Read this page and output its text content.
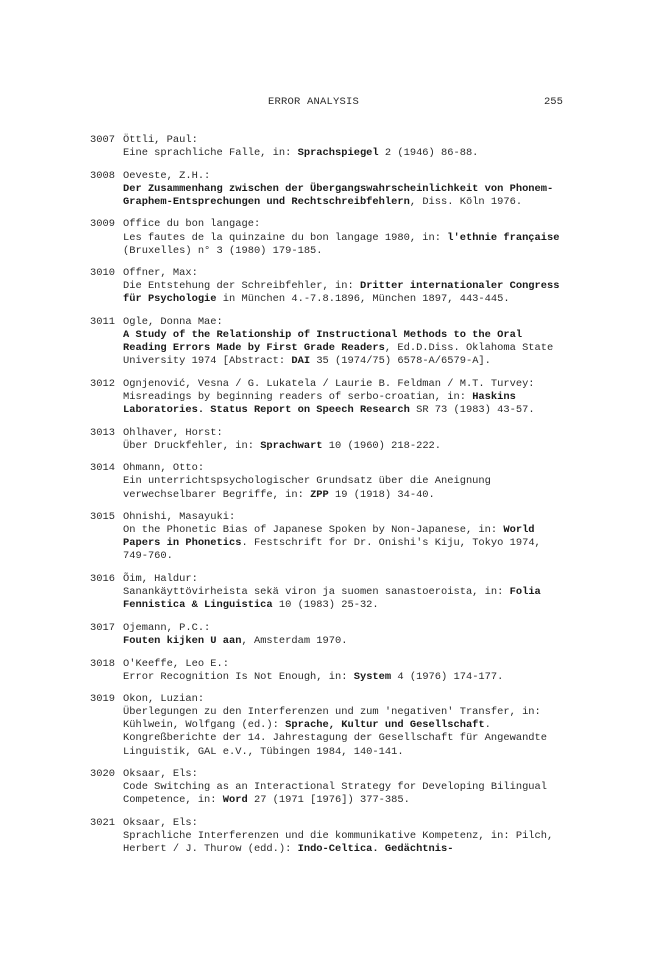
ERROR ANALYSIS	255
3007 Öttli, Paul:
Eine sprachliche Falle, in: Sprachspiegel 2 (1946) 86-88.
3008 Oeveste, Z.H.:
Der Zusammenhang zwischen der Übergangswahrscheinlichkeit von Phonem-Graphem-Entsprechungen und Rechtschreibfehlern, Diss. Köln 1976.
3009 Office du bon langage:
Les fautes de la quinzaine du bon langage 1980, in: l'ethnie française (Bruxelles) n° 3 (1980) 179-185.
3010 Offner, Max:
Die Entstehung der Schreibfehler, in: Dritter internationaler Congress für Psychologie in München 4.-7.8.1896, München 1897, 443-445.
3011 Ogle, Donna Mae:
A Study of the Relationship of Instructional Methods to the Oral Reading Errors Made by First Grade Readers, Ed.D.Diss. Oklahoma State University 1974 [Abstract: DAI 35 (1974/75) 6578-A/6579-A].
3012 Ognjenović, Vesna / G. Lukatela / Laurie B. Feldman / M.T. Turvey:
Misreadings by beginning readers of serbo-croatian, in: Haskins Laboratories. Status Report on Speech Research SR 73 (1983) 43-57.
3013 Ohlhaver, Horst:
Über Druckfehler, in: Sprachwart 10 (1960) 218-222.
3014 Ohmann, Otto:
Ein unterrichtspsychologischer Grundsatz über die Aneignung verwechselbarer Begriffe, in: ZPP 19 (1918) 34-40.
3015 Ohnishi, Masayuki:
On the Phonetic Bias of Japanese Spoken by Non-Japanese, in: World Papers in Phonetics. Festschrift for Dr. Onishi's Kiju, Tokyo 1974, 749-760.
3016 Õim, Haldur:
Sanankäyttövirheista sekä viron ja suomen sanastoeroista, in: Folia Fennistica & Linguistica 10 (1983) 25-32.
3017 Ojemann, P.C.:
Fouten kijken U aan, Amsterdam 1970.
3018 O'Keeffe, Leo E.:
Error Recognition Is Not Enough, in: System 4 (1976) 174-177.
3019 Okon, Luzian:
Überlegungen zu den Interferenzen und zum 'negativen' Transfer, in: Kühlwein, Wolfgang (ed.): Sprache, Kultur und Gesellschaft. Kongreßberichte der 14. Jahrestagung der Gesellschaft für Angewandte Linguistik, GAL e.V., Tübingen 1984, 140-141.
3020 Oksaar, Els:
Code Switching as an Interactional Strategy for Developing Bilingual Competence, in: Word 27 (1971 [1976]) 377-385.
3021 Oksaar, Els:
Sprachliche Interferenzen und die kommunikative Kompetenz, in: Pilch, Herbert / J. Thurow (edd.): Indo-Celtica. Gedächtnis-
